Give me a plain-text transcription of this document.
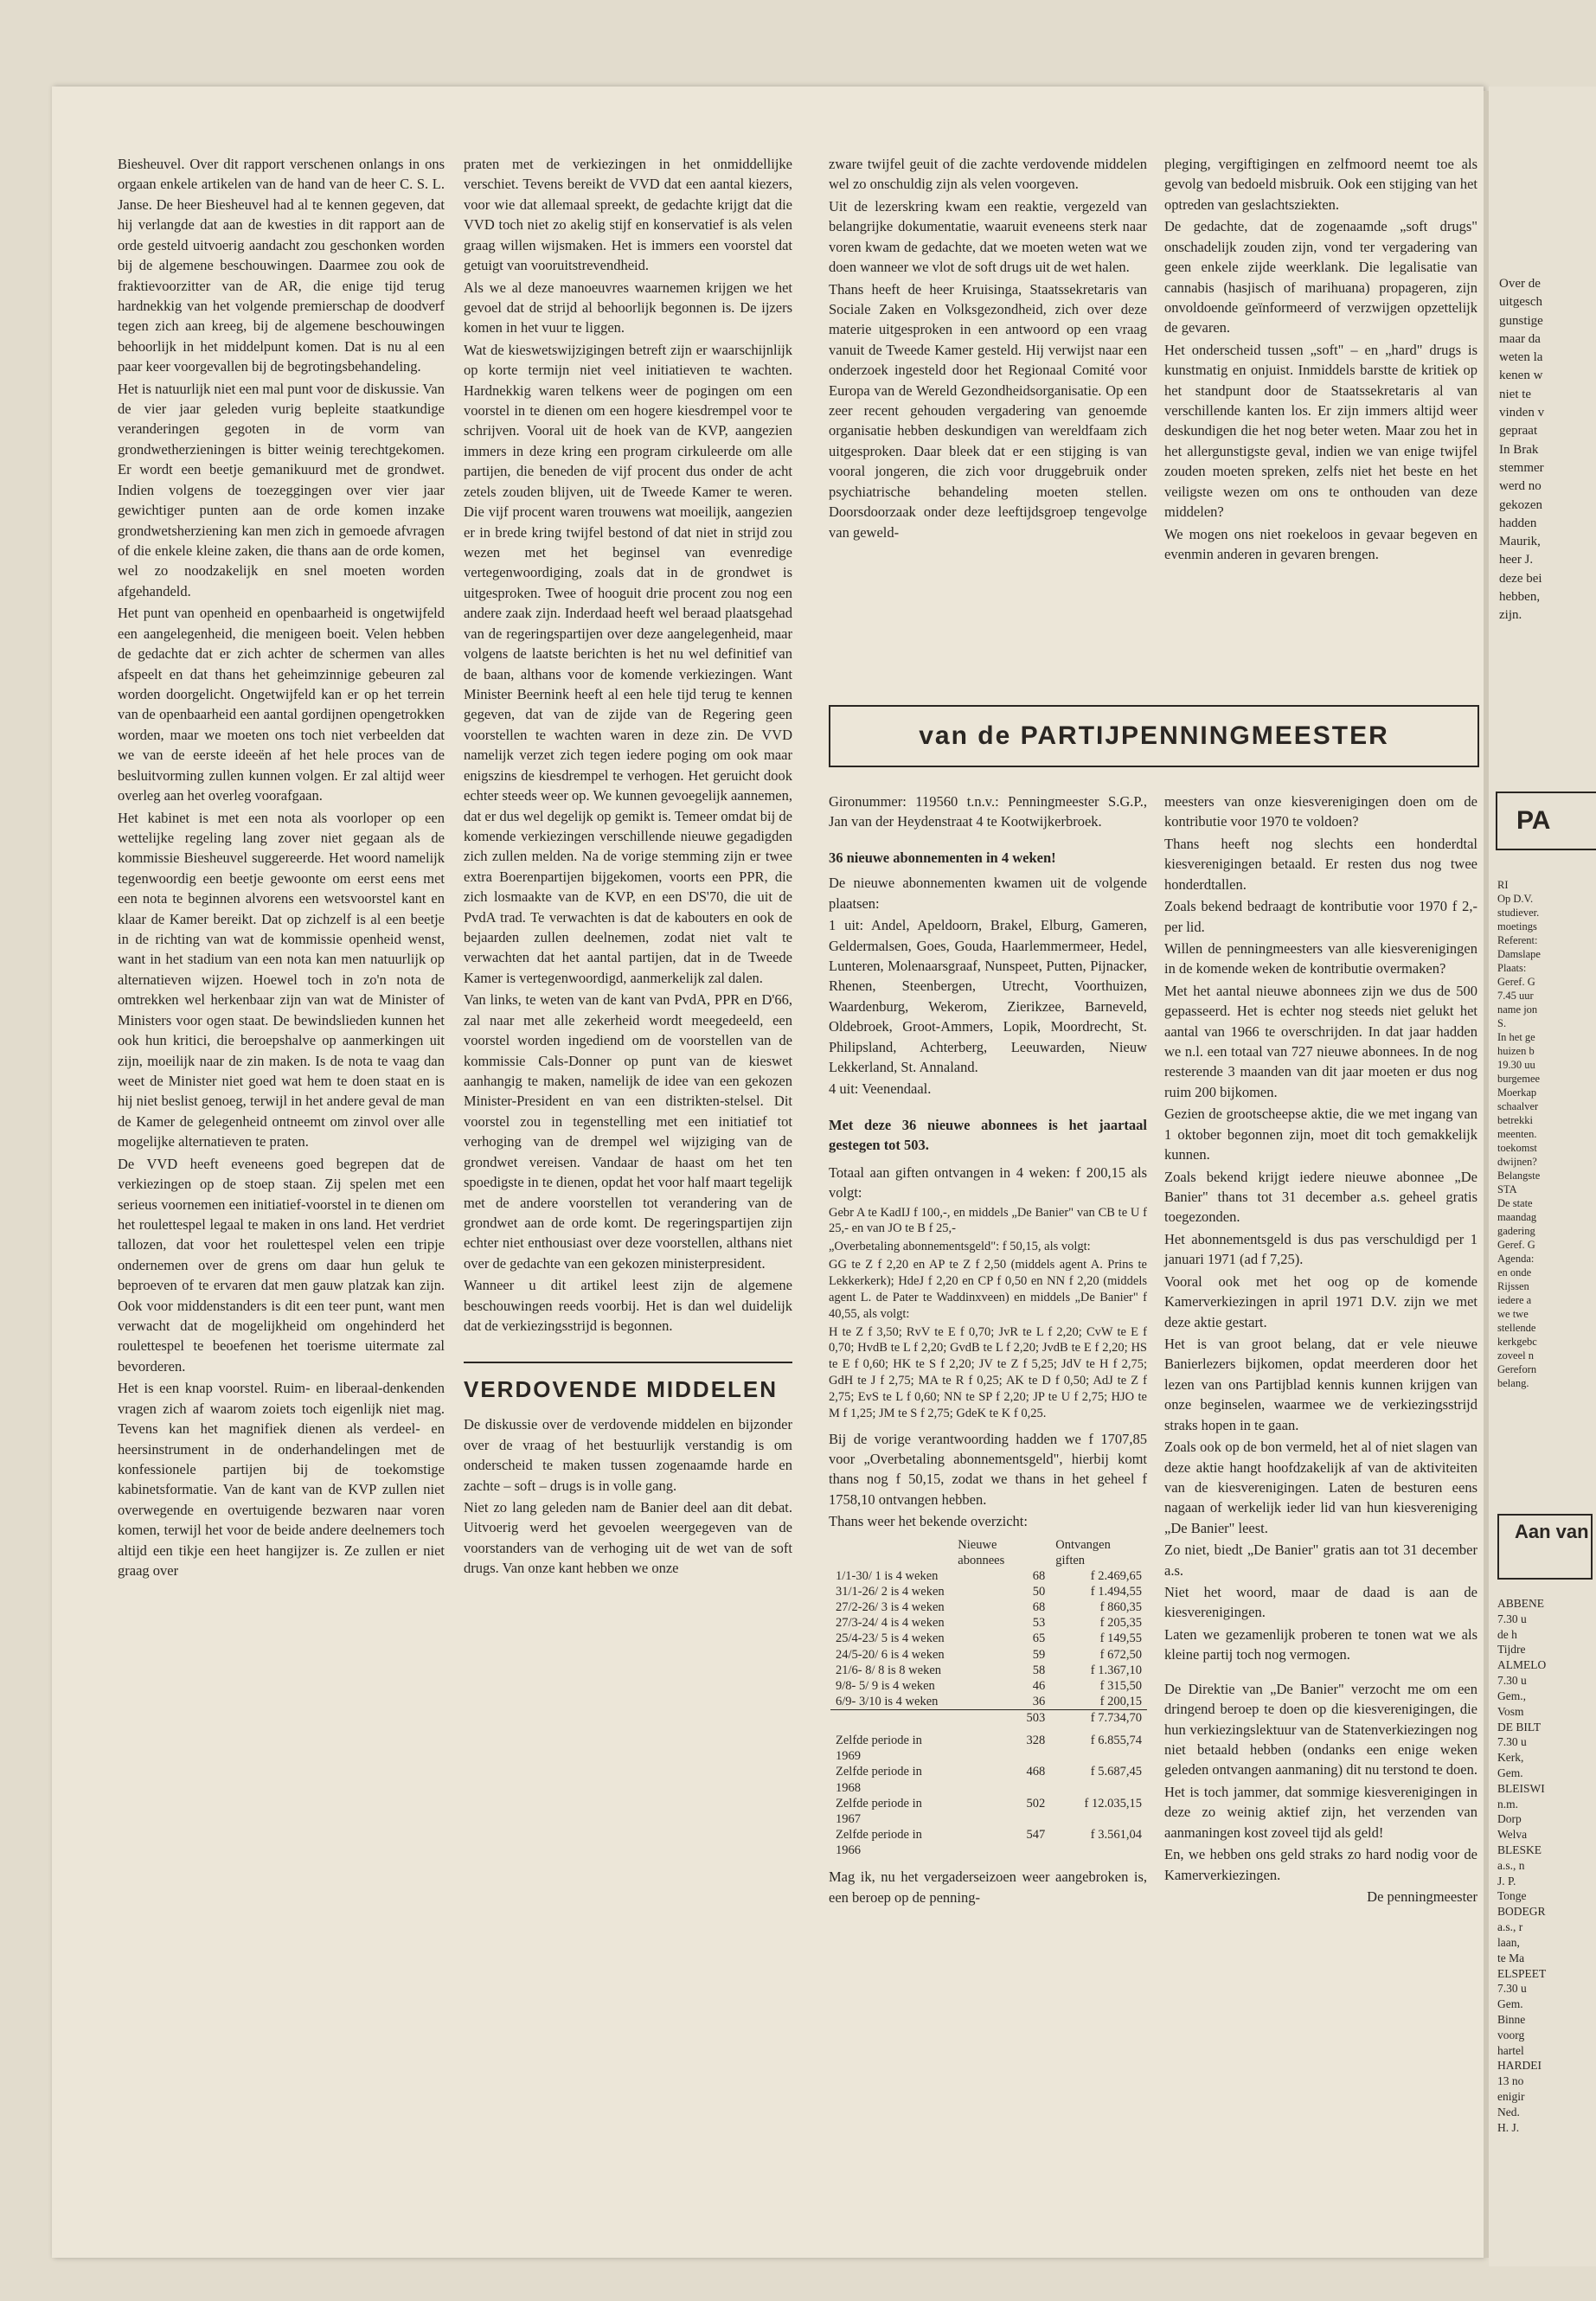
Biesheuvel. Over dit rapport verschenen onlangs in ons orgaan enkele artikelen van de hand van de heer C. S. L. Janse. De heer Biesheuvel had al te kennen gegeven, dat hij verlangde dat aan de kwesties in dit rapport aan de orde gesteld uitvoerig aandacht zou geschonken worden bij de algemene beschouwingen. Daarmee zou ook de fraktievoorzitter van de AR, die enige tijd terug hardnekkig van het volgende premierschap de doodverf tegen zich aan kreeg, bij de algemene beschouwingen behoorlijk in het middelpunt komen. Dat is nu al een paar keer voorgevallen bij de begrotingsbehandeling.

Het is natuurlijk niet een mal punt voor de diskussie. Van de vier jaar geleden vurig bepleite staatkundige veranderingen gegoten in de vorm van grondwetherzieningen is bitter weinig terechtgekomen. Er wordt een beetje gemanikuurd met de grondwet. Indien volgens de toezeggingen over vier jaar gewichtiger punten aan de orde komen inzake grondwetsherziening kan men zich in gemoede afvragen of die enkele kleine zaken, die thans aan de orde komen, wel zo noodzakelijk en snel moeten worden afgehandeld.

Het punt van openheid en openbaarheid is ongetwijfeld een aangelegenheid, die menigeen boeit. Velen hebben de gedachte dat er zich achter de schermen van alles afspeelt en dat thans het geheimzinnige gebeuren zal worden doorgelicht. Ongetwijfeld kan er op het terrein van de openbaarheid een aantal gordijnen opengetrokken worden, maar we moeten ons toch niet verbeelden dat we van de eerste ideeën af het hele proces van de besluitvorming zullen kunnen volgen. Er zal altijd weer overleg aan het overleg voorafgaan.

Het kabinet is met een nota als voorloper op een wettelijke regeling lang zover niet gegaan als de kommissie Biesheuvel suggereerde. Het woord namelijk tegenwoordig een beetje gewoonte om eerst eens met een nota te beginnen alvorens een wetsvoorstel kant en klaar de Kamer bereikt. Dat op zichzelf is al een beetje in de richting van wat de kommissie openheid wenst, want in het stadium van een nota kan men natuurlijk op alternatieven wijzen. Hoewel toch in zo'n nota de omtrekken wel herkenbaar zijn van wat de Minister of Ministers voor ogen staat. De bewindslieden kunnen het ook hun kritici, die beroepshalve op aanmerkingen uit zijn, moeilijk naar de zin maken. Is de nota te vaag dan weet de Minister niet goed wat hem te doen staat en is hij niet beslist genoeg, terwijl in het andere geval de man de Kamer de gelegenheid ontneemt om zinvol over alle mogelijke alternatieven te praten.

De VVD heeft eveneens goed begrepen dat de verkiezingen op de stoep staan. Zij spelen met een serieus voornemen een initiatief-voorstel in te dienen om het roulettespel legaal te maken in ons land. Het verdriet tallozen, dat voor het roulettespel velen een tripje ondernemen over de grens om daar hun geluk te beproeven of te ervaren dat men gauw platzak kan zijn. Ook voor middenstanders is dit een teer punt, want men verwacht dat de mogelijkheid om ongehinderd het roulettespel te beoefenen het toerisme uitermate zal bevorderen.

Het is een knap voorstel. Ruim- en liberaal-denkenden vragen zich af waarom zoiets toch eigenlijk niet mag. Tevens kan het magnifiek dienen als verdeel- en heersinstrument in de onderhandelingen met de konfessionele partijen bij de toekomstige kabinetsformatie. Van de kant van de KVP zullen niet overwegende en overtuigende bezwaren naar voren komen, terwijl het voor de beide andere deelnemers toch altijd een tikje een heet hangijzer is. Ze zullen er niet graag over

praten met de verkiezingen in het onmiddellijke verschiet. Tevens bereikt de VVD dat een aantal kiezers, voor wie dat allemaal spreekt, de gedachte krijgt dat die VVD toch niet zo akelig stijf en konservatief is als velen graag willen wijsmaken. Het is immers een voorstel dat getuigt van vooruitstrevendheid.

Als we al deze manoeuvres waarnemen krijgen we het gevoel dat de strijd al behoorlijk begonnen is. De ijzers komen in het vuur te liggen.

Wat de kieswetswijzigingen betreft zijn er waarschijnlijk op korte termijn niet veel initiatieven te wachten. Hardnekkig waren telkens weer de pogingen om een voorstel in te dienen om een hogere kiesdrempel voor te schrijven. Vooral uit de hoek van de KVP, aangezien immers in deze kring een program cirkuleerde om alle partijen, die beneden de vijf procent dus onder de acht zetels zouden blijven, uit de Tweede Kamer te weren. Die vijf procent waren trouwens wat moeilijk, aangezien er in brede kring twijfel bestond of dat niet in strijd zou wezen met het beginsel van evenredige vertegenwoordiging, zoals dat in de grondwet is uitgesproken. Twee of hooguit drie procent zou nog een andere zaak zijn. Inderdaad heeft wel beraad plaatsgehad van de regeringspartijen over deze aangelegenheid, maar volgens de laatste berichten is het nu wel definitief van de baan, althans voor de komende verkiezingen. Want Minister Beernink heeft al een hele tijd terug te kennen gegeven, dat van de zijde van de Regering geen voorstellen te wachten waren in deze zin. De VVD namelijk verzet zich tegen iedere poging om ook maar enigszins de kiesdrempel te verhogen. Het geruicht dook echter steeds weer op. We kunnen gevoegelijk aannemen, dat er dus wel degelijk op gemikt is. Temeer omdat bij de komende verkiezingen verschillende nieuwe gegadigden zich zullen melden. Na de vorige stemming zijn er twee extra Boerenpartijen bijgekomen, voorts een PPR, die zich losmaakte van de KVP, en een DS'70, die uit de PvdA trad. Te verwachten is dat de kabouters en ook de bejaarden zullen deelnemen, zodat niet valt te verwachten dat het aantal partijen, dat in de Tweede Kamer is vertegenwoordigd, aanmerkelijk zal dalen.

Van links, te weten van de kant van PvdA, PPR en D'66, zal naar met alle zekerheid wordt meegedeeld, een voorstel worden ingediend om de voorstellen van de kommissie Cals-Donner op punt van de kieswet aanhangig te maken, namelijk de idee van een gekozen Minister-President en van een distrikten-stelsel. Dit voorstel zou in tegenstelling met een initiatief tot verhoging van de drempel wel wijziging van de grondwet vereisen. Vandaar de haast om het ten spoedigste in te dienen, opdat het voor half maart tegelijk met de andere voorstellen tot verandering van de grondwet aan de orde komt. De regeringspartijen zijn echter niet enthousiast over deze voorstellen, althans niet over de gedachte van een gekozen ministerpresident.

Wanneer u dit artikel leest zijn de algemene beschouwingen reeds voorbij. Het is dan wel duidelijk dat de verkiezingsstrijd is begonnen.

VERDOVENDE MIDDELEN

De diskussie over de verdovende middelen en bijzonder over de vraag of het bestuurlijk verstandig is om onderscheid te maken tussen zogenaamde harde en zachte – soft – drugs is in volle gang.

Niet zo lang geleden nam de Banier deel aan dit debat. Uitvoerig werd het gevoelen weergegeven van de voorstanders van de verhoging uit de wet van de soft drugs. Van onze kant hebben we onze

zware twijfel geuit of die zachte verdovende middelen wel zo onschuldig zijn als velen voorgeven.

Uit de lezerskring kwam een reaktie, vergezeld van belangrijke dokumentatie, waaruit eveneens sterk naar voren kwam de gedachte, dat we moeten weten wat we doen wanneer we vlot de soft drugs uit de wet halen.

Thans heeft de heer Kruisinga, Staatssekretaris van Sociale Zaken en Volksgezondheid, zich over deze materie uitgesproken in een antwoord op een vraag vanuit de Tweede Kamer gesteld. Hij verwijst naar een onderzoek ingesteld door het Regionaal Comité voor Europa van de Wereld Gezondheidsorganisatie. Op een zeer recent gehouden vergadering van genoemde organisatie hebben deskundigen van wereldfaam zich uitgesproken. Daar bleek dat er een stijging is van vooral jongeren, die zich voor druggebruik onder psychiatrische behandeling moeten stellen. Doorsdoorzaak onder deze leeftijdsgroep tengevolge van geweld-

pleging, vergiftigingen en zelfmoord neemt toe als gevolg van bedoeld misbruik. Ook een stijging van het optreden van geslachtsziekten.

De gedachte, dat de zogenaamde „soft drugs" onschadelijk zouden zijn, vond ter vergadering van geen enkele zijde weerklank. Die legalisatie van cannabis (hasjisch of marihuana) propageren, zijn onvoldoende geïnformeerd of verzwijgen opzettelijk de gevaren.

Het onderscheid tussen „soft" – en „hard" drugs is kunstmatig en onjuist. Inmiddels barstte de kritiek op het standpunt door de Staatssekretaris al van verschillende kanten los. Er zijn immers altijd weer deskundigen die het nog beter weten. Maar zou het in het allergunstigste geval, indien we van enige twijfel zouden moeten spreken, zelfs niet het beste en het veiligste wezen om ons te onthouden van deze middelen?

We mogen ons niet roekeloos in gevaar begeven en evenmin anderen in gevaren brengen.

van de PARTIJPENNINGMEESTER

Gironummer: 119560 t.n.v.: Penningmeester S.G.P., Jan van der Heydenstraat 4 te Kootwijkerbroek.

36 nieuwe abonnementen in 4 weken!

De nieuwe abonnementen kwamen uit de volgende plaatsen:

1 uit: Andel, Apeldoorn, Brakel, Elburg, Gameren, Geldermalsen, Goes, Gouda, Haarlemmermeer, Hedel, Lunteren, Molenaarsgraaf, Nunspeet, Putten, Pijnacker, Rhenen, Steenbergen, Utrecht, Voorthuizen, Waardenburg, Wekerom, Zierikzee, Barneveld, Oldebroek, Groot-Ammers, Lopik, Moordrecht, St. Philipsland, Achterberg, Leeuwarden, Nieuw Lekkerland, St. Annaland.

4 uit: Veenendaal.

Met deze 36 nieuwe abonnees is het jaartaal gestegen tot 503.

Totaal aan giften ontvangen in 4 weken: f 200,15 als volgt:

Gebr A te KadIJ f 100,-, en middels „De Banier" van CB te U f 25,- en van JO te B f 25,-

„Overbetaling abonnementsgeld": f 50,15, als volgt:

GG te Z f 2,20 en AP te Z f 2,50 (middels agent A. Prins te Lekkerkerk); HdeJ f 2,20 en CP f 0,50 en NN f 2,20 (middels agent L. de Pater te Waddinxveen) en middels „De Banier" f 40,55, als volgt:

H te Z f 3,50; RvV te E f 0,70; JvR te L f 2,20; CvW te E f 0,70; HvdB te L f 2,20; GvdB te L f 2,20; JvdB te E f 2,20; HS te E f 0,60; HK te S f 2,20; JV te Z f 5,25; JdV te H f 2,75; GdH te J f 2,75; MA te R f 0,25; AK te D f 0,50; AdJ te Z f 2,75; EvS te L f 0,60; NN te SP f 2,20; JP te U f 2,75; HJO te M f 1,25; JM te S f 2,75; GdeK te K f 0,25.

Bij de vorige verantwoording hadden we f 1707,85 voor „Overbetaling abonnementsgeld", hierbij komt thans nog f 50,15, zodat we thans in het geheel f 1758,10 ontvangen hebben.

Thans weer het bekende overzicht:

	Nieuwe abonnees	Ontvangen giften
1/1-30/ 1 is 4 weken	68	f 2.469,65
31/1-26/ 2 is 4 weken	50	f 1.494,55
27/2-26/ 3 is 4 weken	68	f 860,35
27/3-24/ 4 is 4 weken	53	f 205,35
25/4-23/ 5 is 4 weken	65	f 149,55
24/5-20/ 6 is 4 weken	59	f 672,50
21/6- 8/ 8 is 8 weken	58	f 1.367,10
9/8- 5/ 9 is 4 weken	46	f 315,50
6/9- 3/10 is 4 weken	36	f 200,15
	503	f 7.734,70
Zelfde periode in 1969	328	f 6.855,74
Zelfde periode in 1968	468	f 5.687,45
Zelfde periode in 1967	502	f 12.035,15
Zelfde periode in 1966	547	f 3.561,04

Mag ik, nu het vergaderseizoen weer aangebroken is, een beroep op de penning-

meesters van onze kiesverenigingen doen om de kontributie voor 1970 te voldoen?

Thans heeft nog slechts een honderdtal kiesverenigingen betaald. Er resten dus nog twee honderdtallen.

Zoals bekend bedraagt de kontributie voor 1970 f 2,- per lid.

Willen de penningmeesters van alle kiesverenigingen in de komende weken de kontributie overmaken?

Met het aantal nieuwe abonnees zijn we dus de 500 gepasseerd. Het is echter nog steeds niet gelukt het aantal van 1966 te overschrijden. In dat jaar hadden we n.l. een totaal van 727 nieuwe abonnees. In de nog resterende 3 maanden van dit jaar moeten er dus nog ruim 200 bijkomen.

Gezien de grootscheepse aktie, die we met ingang van 1 oktober begonnen zijn, moet dit toch gemakkelijk kunnen.

Zoals bekend krijgt iedere nieuwe abonnee „De Banier" thans tot 31 december a.s. geheel gratis toegezonden.

Het abonnementsgeld is dus pas verschuldigd per 1 januari 1971 (ad f 7,25).

Vooral ook met het oog op de komende Kamerverkiezingen in april 1971 D.V. zijn we met deze aktie gestart.

Het is van groot belang, dat er vele nieuwe Banierlezers bijkomen, opdat meerderen door het lezen van ons Partijblad kennis kunnen krijgen van onze beginselen, waarmee we de verkiezingsstrijd straks hopen in te gaan.

Zoals ook op de bon vermeld, het al of niet slagen van deze aktie hangt hoofdzakelijk af van de aktiviteiten van de kiesverenigingen. Laten de besturen eens nagaan of werkelijk ieder lid van hun kiesvereniging „De Banier" leest.

Zo niet, biedt „De Banier" gratis aan tot 31 december a.s.

Niet het woord, maar de daad is aan de kiesverenigingen.

Laten we gezamenlijk proberen te tonen wat we als kleine partij toch nog vermogen.

De Direktie van „De Banier" verzocht me om een dringend beroep te doen op die kiesverenigingen, die hun verkiezingslektuur van de Statenverkiezingen nog niet betaald hebben (ondanks een enige weken geleden ontvangen aanmaning) dit nu terstond te doen.

Het is toch jammer, dat sommige kiesverenigingen in deze zo weinig aktief zijn, het verzenden van aanmaningen kost zoveel tijd als geld!

En, we hebben ons geld straks zo hard nodig voor de Kamerverkiezingen.

De penningmeester

Over de
uitgesch
gunstige
maar da
weten la
kenen w
niet te
vinden v
gepraat
In Brak
stemmer
werd no
gekozen
hadden
Maurik,
heer J.
deze bei
hebben,
zijn.
PA
RI
Op D.V.
studiever.
moetings
Referent:
Damslape
Plaats:
Geref. G
7.45 uur
name jon
S.
In het ge
huizen b
19.30 uu
burgemee
Moerkap
schaalver
betrekki
meenten.
toekomst
dwijnen?
Belangste
STA
De state
maandag
gadering
Geref. G
Agenda:
en onde
Rijssen
iedere a
we twe
stellende
kerkgebc
zoveel n
Gereforn
belang.
Aan van
ABBENE
7.30 u
de h
Tijdre
ALMELO
7.30 u
Gem.,
Vosm
DE BILT
7.30 u
Kerk,
Gem.
BLEISWI
n.m.
Dorp
Welva
BLESKE
a.s., n
J. P.
Tonge
BODEGR
a.s., r
laan,
te Ma
ELSPEET
7.30 u
Gem.
Binne
voorg
hartel
HARDEI
13 no
enigir
Ned.
H. J.
